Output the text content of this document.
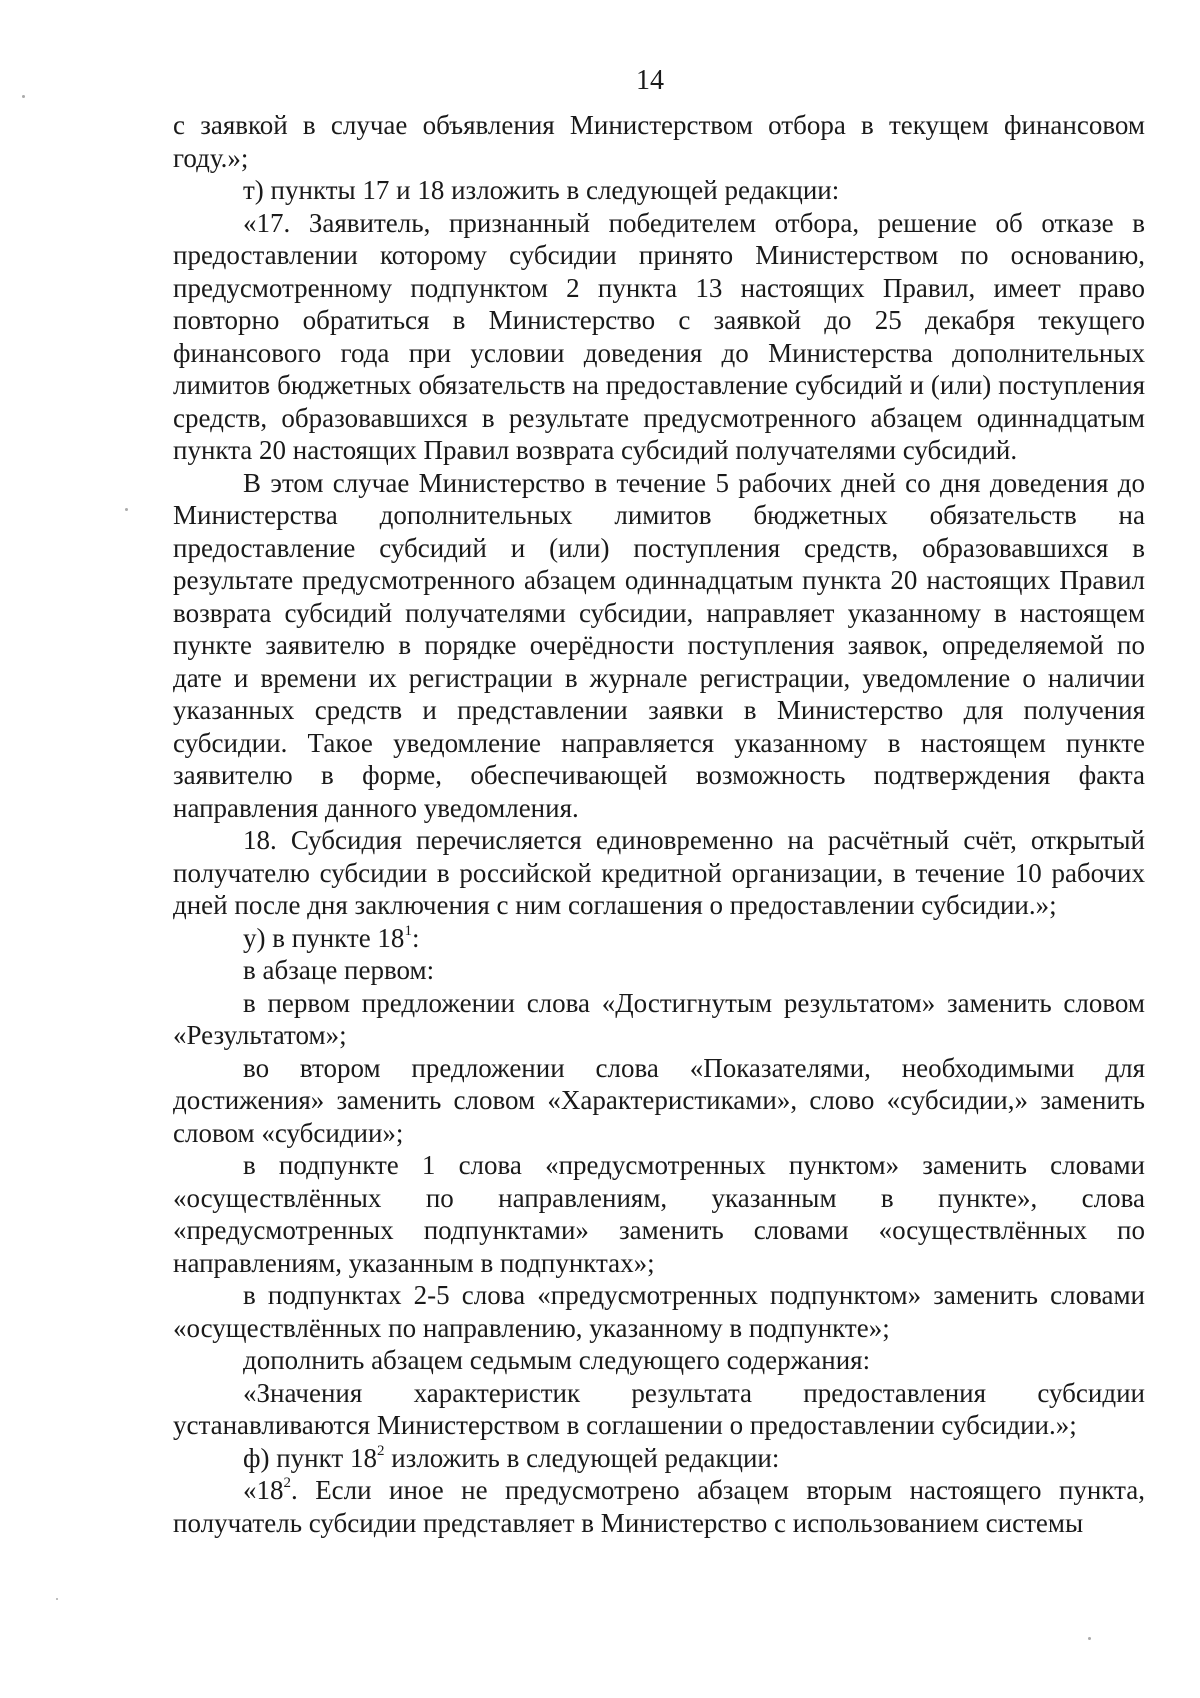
14

с заявкой в случае объявления Министерством отбора в текущем финансовом году.»;

т) пункты 17 и 18 изложить в следующей редакции:

«17. Заявитель, признанный победителем отбора, решение об отказе в предоставлении которому субсидии принято Министерством по основанию, предусмотренному подпунктом 2 пункта 13 настоящих Правил, имеет право повторно обратиться в Министерство с заявкой до 25 декабря текущего финансового года при условии доведения до Министерства дополнительных лимитов бюджетных обязательств на предоставление субсидий и (или) поступления средств, образовавшихся в результате предусмотренного абзацем одиннадцатым пункта 20 настоящих Правил возврата субсидий получателями субсидий.

В этом случае Министерство в течение 5 рабочих дней со дня доведения до Министерства дополнительных лимитов бюджетных обязательств на предоставление субсидий и (или) поступления средств, образовавшихся в результате предусмотренного абзацем одиннадцатым пункта 20 настоящих Правил возврата субсидий получателями субсидии, направляет указанному в настоящем пункте заявителю в порядке очерёдности поступления заявок, определяемой по дате и времени их регистрации в журнале регистрации, уведомление о наличии указанных средств и представлении заявки в Министерство для получения субсидии. Такое уведомление направляется указанному в настоящем пункте заявителю в форме, обеспечивающей возможность подтверждения факта направления данного уведомления.

18. Субсидия перечисляется единовременно на расчётный счёт, открытый получателю субсидии в российской кредитной организации, в течение 10 рабочих дней после дня заключения с ним соглашения о предоставлении субсидии.»;

у) в пункте $18^1$:

в абзаце первом:

в первом предложении слова «Достигнутым результатом» заменить словом «Результатом»;

во втором предложении слова «Показателями, необходимыми для достижения» заменить словом «Характеристиками», слово «субсидии,» заменить словом «субсидии»;

в подпункте 1 слова «предусмотренных пунктом» заменить словами «осуществлённых по направлениям, указанным в пункте», слова «предусмотренных подпунктами» заменить словами «осуществлённых по направлениям, указанным в подпунктах»;

в подпунктах 2-5 слова «предусмотренных подпунктом» заменить словами «осуществлённых по направлению, указанному в подпункте»;

дополнить абзацем седьмым следующего содержания:

«Значения характеристик результата предоставления субсидии устанавливаются Министерством в соглашении о предоставлении субсидии.»;

ф) пункт $18^2$ изложить в следующей редакции:

«$18^2$. Если иное не предусмотрено абзацем вторым настоящего пункта, получатель субсидии представляет в Министерство с использованием системы
